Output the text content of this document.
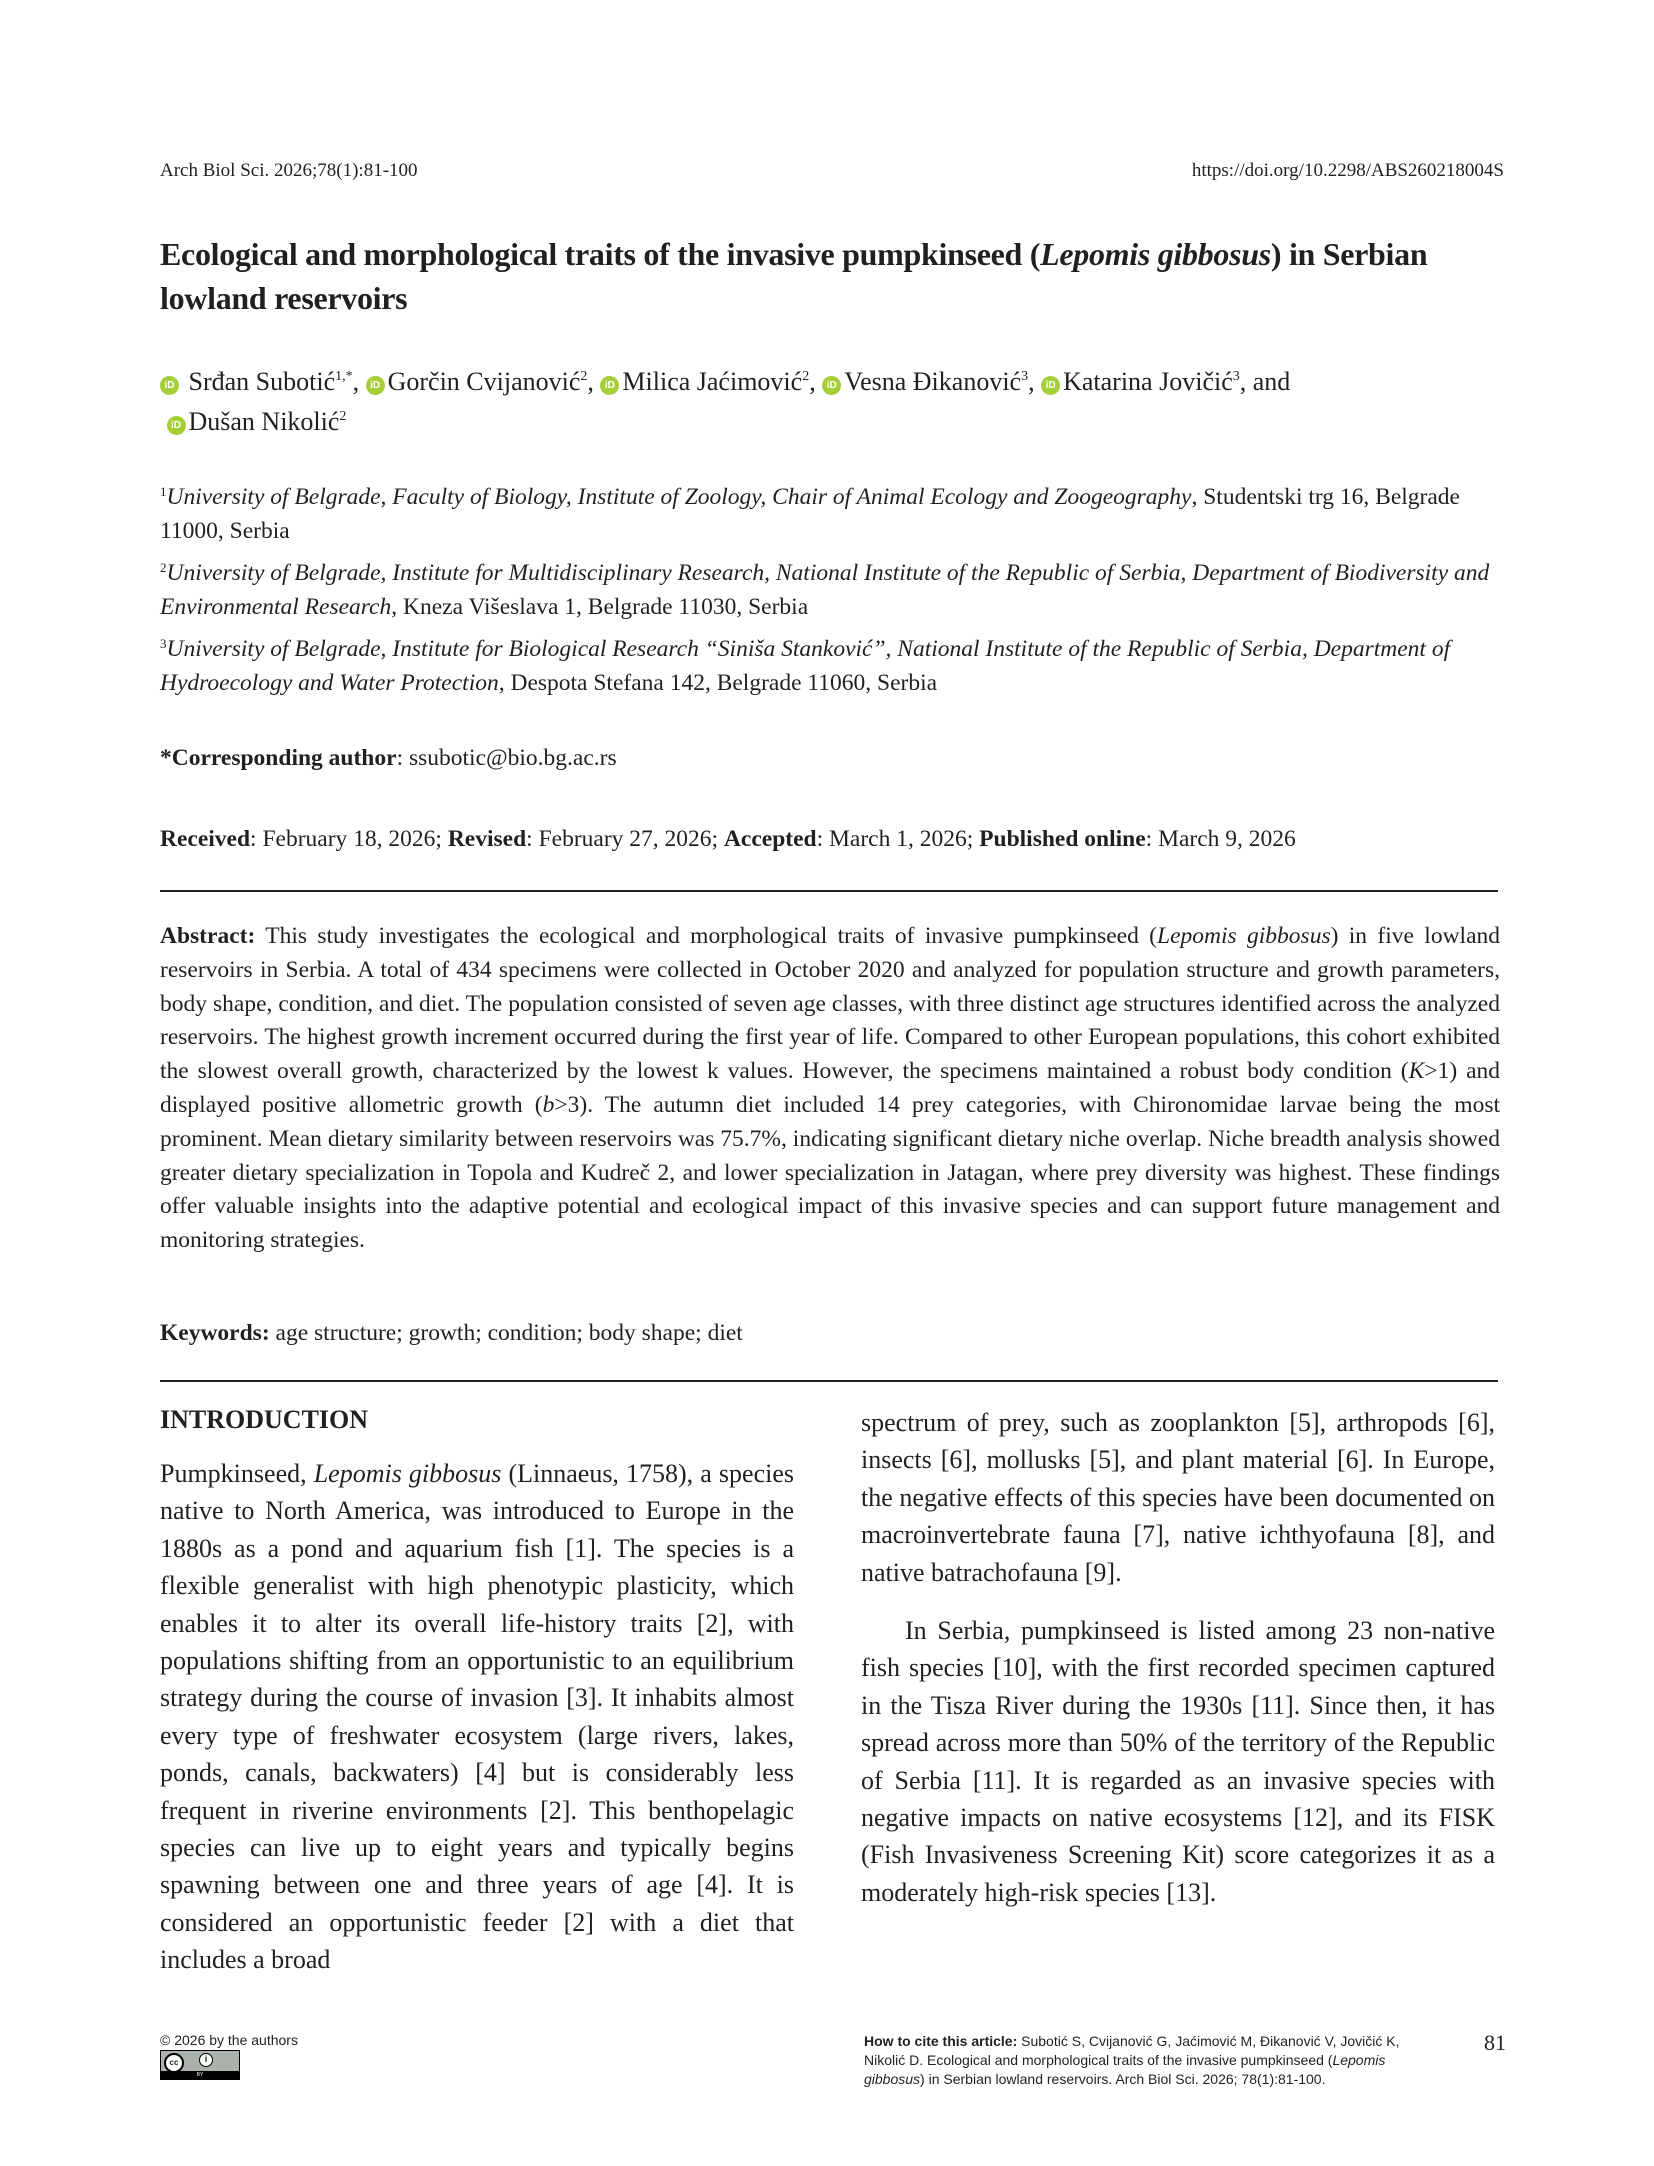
Arch Biol Sci. 2026;78(1):81-100	https://doi.org/10.2298/ABS260218004S
Ecological and morphological traits of the invasive pumpkinseed (Lepomis gibbosus) in Serbian lowland reservoirs
iD Srđan Subotić$^{1,*}$, iD Gorčin Cvijanović$^2$, iD Milica Jaćimović$^2$, iD Vesna Đikanović$^3$, iD Katarina Jovičić$^3$, and
iD Dušan Nikolić$^2$
$^1$University of Belgrade, Faculty of Biology, Institute of Zoology, Chair of Animal Ecology and Zoogeography, Studentski trg 16, Belgrade 11000, Serbia
$^2$University of Belgrade, Institute for Multidisciplinary Research, National Institute of the Republic of Serbia, Department of Biodiversity and Environmental Research, Kneza Višeslava 1, Belgrade 11030, Serbia
$^3$University of Belgrade, Institute for Biological Research “Siniša Stanković”, National Institute of the Republic of Serbia, Department of Hydroecology and Water Protection, Despota Stefana 142, Belgrade 11060, Serbia
*Corresponding author: ssubotic@bio.bg.ac.rs
Received: February 18, 2026; Revised: February 27, 2026; Accepted: March 1, 2026; Published online: March 9, 2026
Abstract: This study investigates the ecological and morphological traits of invasive pumpkinseed (Lepomis gibbosus) in five lowland reservoirs in Serbia. A total of 434 specimens were collected in October 2020 and analyzed for population structure and growth parameters, body shape, condition, and diet. The population consisted of seven age classes, with three distinct age structures identified across the analyzed reservoirs. The highest growth increment occurred during the first year of life. Compared to other European populations, this cohort exhibited the slowest overall growth, characterized by the lowest k values. However, the specimens maintained a robust body condition (K>1) and displayed positive allometric growth (b>3). The autumn diet included 14 prey categories, with Chironomidae larvae being the most prominent. Mean dietary similarity between reservoirs was 75.7%, indicating significant dietary niche overlap. Niche breadth analysis showed greater dietary specialization in Topola and Kudreč 2, and lower specialization in Jatagan, where prey diversity was highest. These findings offer valuable insights into the adaptive potential and ecological impact of this invasive species and can support future management and monitoring strategies.
Keywords: age structure; growth; condition; body shape; diet
INTRODUCTION

Pumpkinseed, Lepomis gibbosus (Linnaeus, 1758), a species native to North America, was introduced to Europe in the 1880s as a pond and aquarium fish [1]. The species is a flexible generalist with high phenotypic plasticity, which enables it to alter its overall life-history traits [2], with populations shifting from an opportunistic to an equilibrium strategy during the course of invasion [3]. It inhabits almost every type of freshwater ecosystem (large rivers, lakes, ponds, canals, backwaters) [4] but is considerably less frequent in riverine environments [2]. This benthopelagic species can live up to eight years and typically begins spawning between one and three years of age [4]. It is considered an opportunistic feeder [2] with a diet that includes a broad

spectrum of prey, such as zooplankton [5], arthropods [6], insects [6], mollusks [5], and plant material [6]. In Europe, the negative effects of this species have been documented on macroinvertebrate fauna [7], native ichthyofauna [8], and native batrachofauna [9].

In Serbia, pumpkinseed is listed among 23 non-native fish species [10], with the first recorded specimen captured in the Tisza River during the 1930s [11]. Since then, it has spread across more than 50% of the territory of the Republic of Serbia [11]. It is regarded as an invasive species with negative impacts on native ecosystems [12], and its FISK (Fish Invasiveness Screening Kit) score categorizes it as a moderately high-risk species [13].

© 2026 by the authors
cc	i
BY
How to cite this article: Subotić S, Cvijanović G, Jaćimović M, Đikanović V, Jovičić K, Nikolić D. Ecological and morphological traits of the invasive pumpkinseed (Lepomis gibbosus) in Serbian lowland reservoirs. Arch Biol Sci. 2026; 78(1):81-100.
81
